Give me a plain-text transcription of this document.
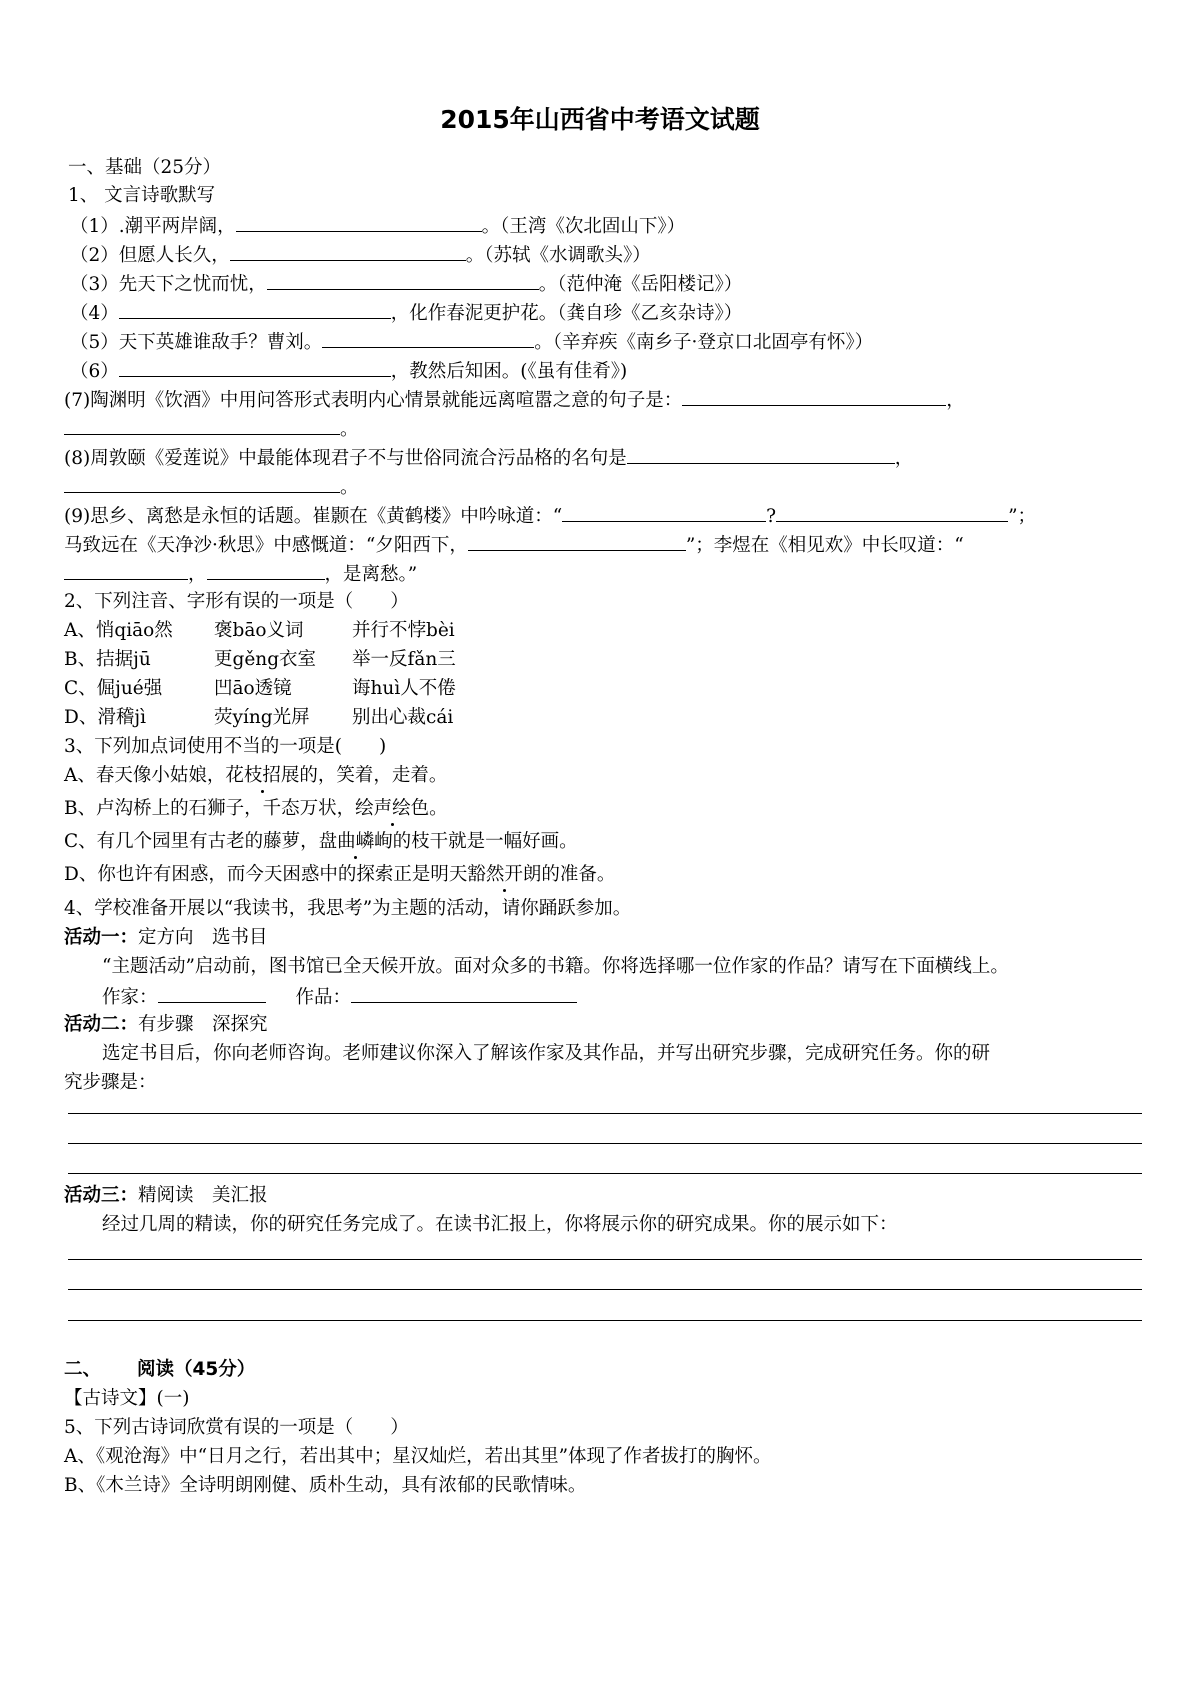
2015年山西省中考语文试题
一、基础（25分）
1、 文言诗歌默写
（1）.潮平两岸阔，	。（王湾《次北固山下》）
（2）但愿人长久，	。（苏轼《水调歌头》）
（3）先天下之忧而忧，	。（范仲淹《岳阳楼记》）
（4）	，化作春泥更护花。（龚自珍《乙亥杂诗》）
（5）天下英雄谁敌手？曹刘。	。（辛弃疾《南乡子·登京口北固亭有怀》）
（6）	，教然后知困。(《虽有佳肴》)
(7)陶渊明《饮酒》中用问答形式表明内心情景就能远离喧嚣之意的句子是：	，
。
(8)周敦颐《爱莲说》中最能体现君子不与世俗同流合污品格的名句是	，
。
(9)思乡、离愁是永恒的话题。崔颢在《黄鹤楼》中吟咏道：“	?	”；
马致远在《天净沙·秋思》中感慨道：“夕阳西下，	”；李煜在《相见欢》中长叹道：“
，	，是离愁。”
2、下列注音、字形有误的一项是（　　）
A、悄qiāo然 褒bāo义词	并行不悖bèi
B、拮据jū	更gěng衣室 举一反fǎn三
C、倔jué强	凹āo透镜	诲huì人不倦
D、滑稽jì	荧yíng光屏 别出心裁cái
3、下列加点词使用不当的一项是(　　)
A、春天像小姑娘，花枝招展的，笑着，走着。
B、卢沟桥上的石狮子，千态万状，绘声绘色。
C、有几个园里有古老的藤萝，盘曲嶙峋的枝干就是一幅好画。
D、你也许有困惑，而今天困惑中的探索正是明天豁然开朗的准备。
4、学校准备开展以“我读书，我思考”为主题的活动，请你踊跃参加。
活动一：定方向　选书目
“主题活动”启动前，图书馆已全天候开放。面对众多的书籍。你将选择哪一位作家的作品？请写在下面横线上。
作家：	作品：
活动二：有步骤　深探究
选定书目后，你向老师咨询。老师建议你深入了解该作家及其作品，并写出研究步骤，完成研究任务。你的研
究步骤是：
活动三：精阅读　美汇报
经过几周的精读，你的研究任务完成了。在读书汇报上，你将展示你的研究成果。你的展示如下：
二、 阅读（45分）
【古诗文】(一)
5、下列古诗词欣赏有误的一项是（　　）
A、《观沧海》中“日月之行，若出其中；星汉灿烂，若出其里”体现了作者拔打的胸怀。
B、《木兰诗》全诗明朗刚健、质朴生动，具有浓郁的民歌情味。
